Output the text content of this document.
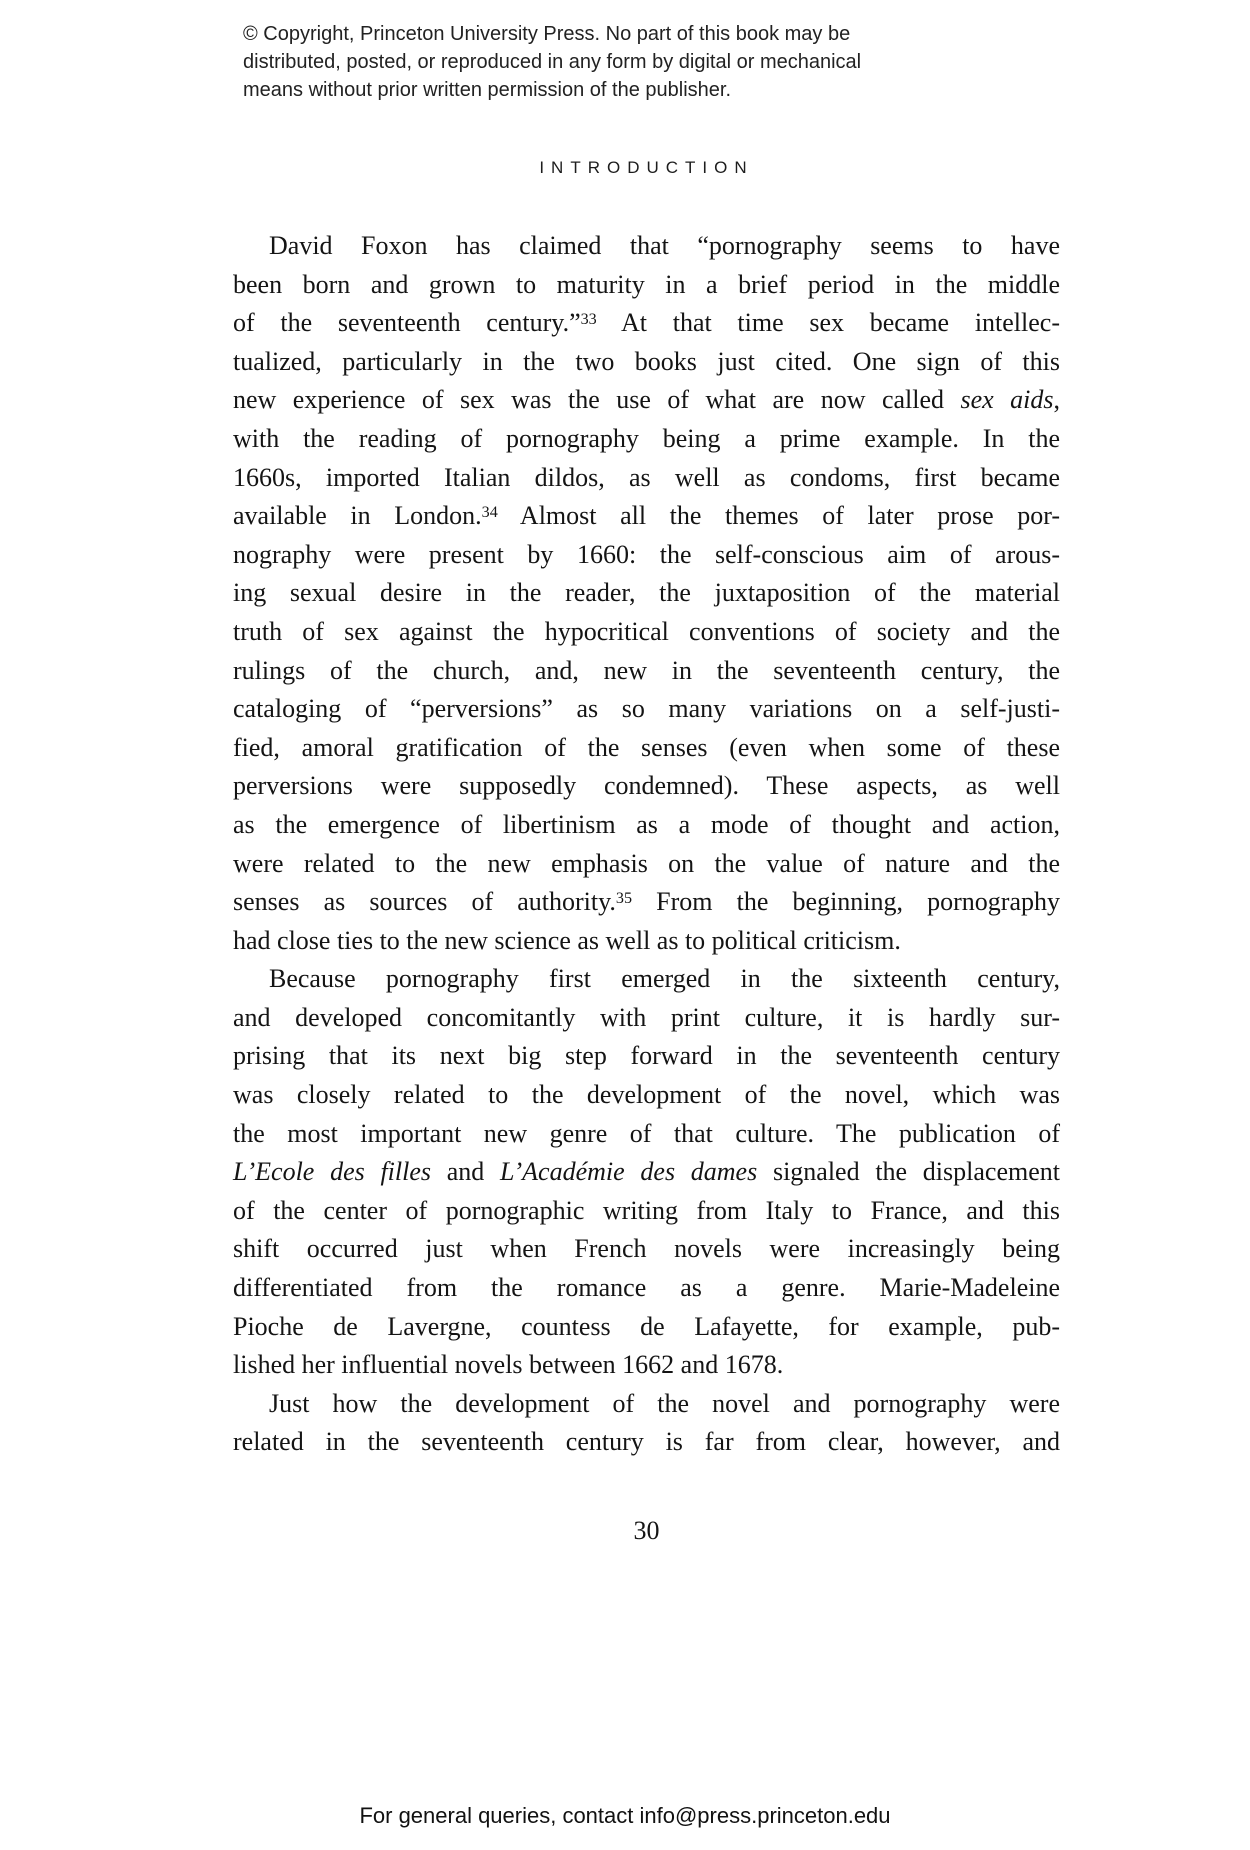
© Copyright, Princeton University Press. No part of this book may be
distributed, posted, or reproduced in any form by digital or mechanical
means without prior written permission of the publisher.
INTRODUCTION
David Foxon has claimed that “pornography seems to have
been born and grown to maturity in a brief period in the middle
of the seventeenth century.”$^{33}$ At that time sex became intellec-
tualized, particularly in the two books just cited. One sign of this
new experience of sex was the use of what are now called sex aids,
with the reading of pornography being a prime example. In the
1660s, imported Italian dildos, as well as condoms, first became
available in London.$^{34}$ Almost all the themes of later prose por-
nography were present by 1660: the self-conscious aim of arous-
ing sexual desire in the reader, the juxtaposition of the material
truth of sex against the hypocritical conventions of society and the
rulings of the church, and, new in the seventeenth century, the
cataloging of “perversions” as so many variations on a self-justi-
fied, amoral gratification of the senses (even when some of these
perversions were supposedly condemned). These aspects, as well
as the emergence of libertinism as a mode of thought and action,
were related to the new emphasis on the value of nature and the
senses as sources of authority.$^{35}$ From the beginning, pornography
had close ties to the new science as well as to political criticism.
Because pornography first emerged in the sixteenth century,
and developed concomitantly with print culture, it is hardly sur-
prising that its next big step forward in the seventeenth century
was closely related to the development of the novel, which was
the most important new genre of that culture. The publication of
L’Ecole des filles and L’Académie des dames signaled the displacement
of the center of pornographic writing from Italy to France, and this
shift occurred just when French novels were increasingly being
differentiated from the romance as a genre. Marie-Madeleine
Pioche de Lavergne, countess de Lafayette, for example, pub-
lished her influential novels between 1662 and 1678.
Just how the development of the novel and pornography were
related in the seventeenth century is far from clear, however, and
30
For general queries, contact info@press.princeton.edu
